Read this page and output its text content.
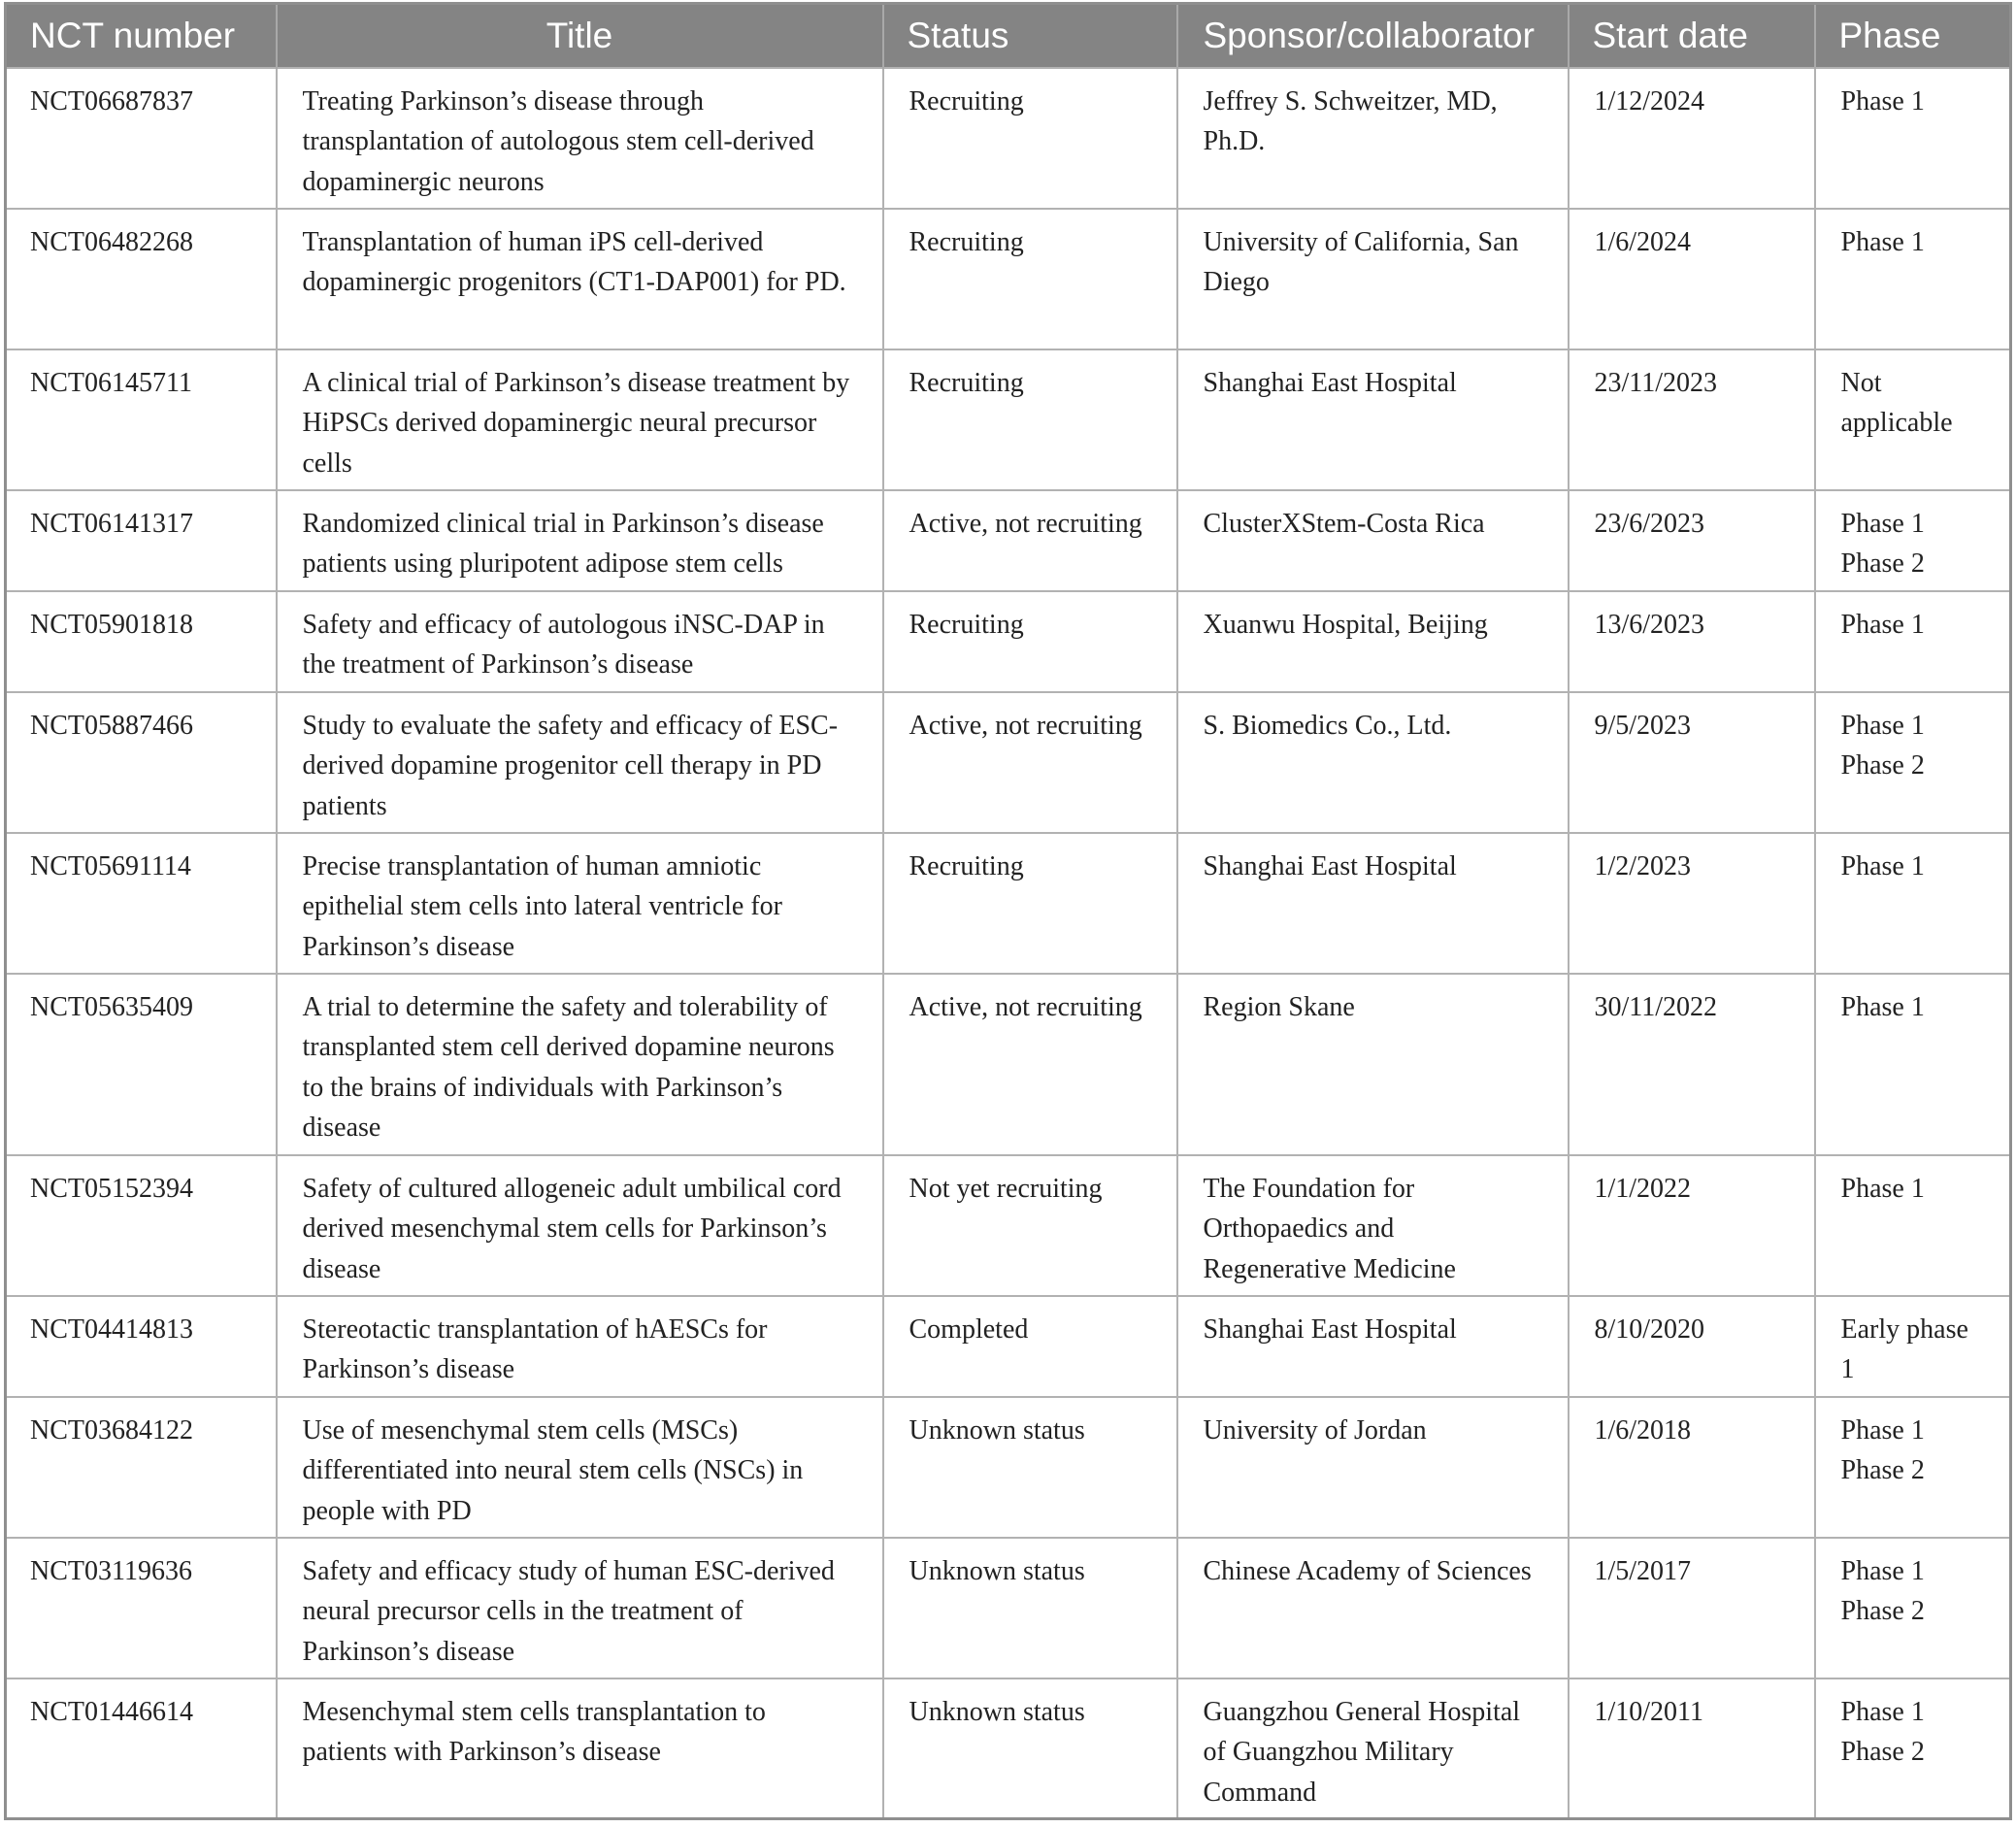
NCT number	Title	Status	Sponsor/collaborator	Start date	Phase
NCT06687837	Treating Parkinson’s disease through transplantation of autologous stem cell-derived dopaminergic neurons	Recruiting	Jeffrey S. Schweitzer, MD, Ph.D.	1/12/2024	Phase 1

NCT06482268	Transplantation of human iPS cell-derived dopaminergic progenitors (CT1-DAP001) for PD.	Recruiting	University of California, San Diego	1/6/2024	Phase 1

NCT06145711	A clinical trial of Parkinson’s disease treatment by HiPSCs derived dopaminergic neural precursor cells	Recruiting	Shanghai East Hospital	23/11/2023	Not applicable

NCT06141317	Randomized clinical trial in Parkinson’s disease patients using pluripotent adipose stem cells	Active, not recruiting	ClusterXStem-Costa Rica	23/6/2023	Phase 1
Phase 2

NCT05901818	Safety and efficacy of autologous iNSC-DAP in the treatment of Parkinson’s disease	Recruiting	Xuanwu Hospital, Beijing	13/6/2023	Phase 1

NCT05887466	Study to evaluate the safety and efficacy of ESC-derived dopamine progenitor cell therapy in PD patients	Active, not recruiting	S. Biomedics Co., Ltd.	9/5/2023	Phase 1
Phase 2

NCT05691114	Precise transplantation of human amniotic epithelial stem cells into lateral ventricle for Parkinson’s disease	Recruiting	Shanghai East Hospital	1/2/2023	Phase 1

NCT05635409	A trial to determine the safety and tolerability of transplanted stem cell derived dopamine neurons to the brains of individuals with Parkinson’s disease	Active, not recruiting	Region Skane	30/11/2022	Phase 1

NCT05152394	Safety of cultured allogeneic adult umbilical cord derived mesenchymal stem cells for Parkinson’s disease	Not yet recruiting	The Foundation for Orthopaedics and Regenerative Medicine	1/1/2022	Phase 1

NCT04414813	Stereotactic transplantation of hAESCs for Parkinson’s disease	Completed	Shanghai East Hospital	8/10/2020	Early phase 1

NCT03684122	Use of mesenchymal stem cells (MSCs) differentiated into neural stem cells (NSCs) in people with PD	Unknown status	University of Jordan	1/6/2018	Phase 1
Phase 2

NCT03119636	Safety and efficacy study of human ESC-derived neural precursor cells in the treatment of Parkinson’s disease	Unknown status	Chinese Academy of Sciences	1/5/2017	Phase 1
Phase 2

NCT01446614	Mesenchymal stem cells transplantation to patients with Parkinson’s disease	Unknown status	Guangzhou General Hospital of Guangzhou Military Command	1/10/2011	Phase 1
Phase 2
